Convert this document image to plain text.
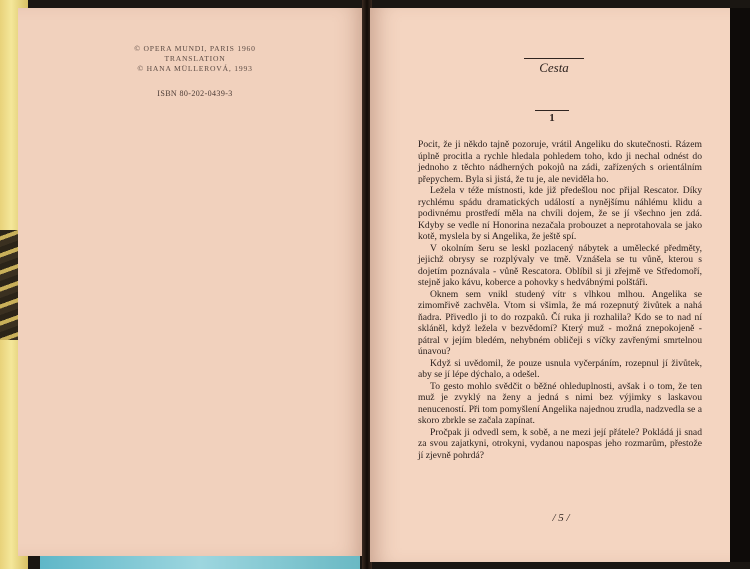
© OPERA MUNDI, PARIS 1960
TRANSLATION
© HANA MÜLLEROVÁ, 1993
ISBN 80-202-0439-3
Cesta
1

Pocit, že ji někdo tajně pozoruje, vrátil Angeliku do skutečnosti. Rázem úplně procitla a rychle hledala pohledem toho, kdo ji nechal odnést do jednoho z těchto nádherných pokojů na zádi, zařízených s orientálním přepychem. Byla si jistá, že tu je, ale neviděla ho.

Ležela v téže místnosti, kde již předešlou noc přijal Rescator. Díky rychlému spádu dramatických událostí a nynějšímu náhlému klidu a podivnému prostředí měla na chvíli dojem, že se jí všechno jen zdá. Kdyby se vedle ní Honorina nezačala probouzet a neprotahovala se jako kotě, myslela by si Angelika, že ještě spí.

V okolním šeru se leskl pozlacený nábytek a umělecké předměty, jejichž obrysy se rozplývaly ve tmě. Vznášela se tu vůně, kterou s dojetím poznávala - vůně Rescatora. Oblíbil si ji zřejmě ve Středomoří, stejně jako kávu, koberce a pohovky s hedvábnými polštáři.

Oknem sem vnikl studený vítr s vlhkou mlhou. Angelika se zimomřivě zachvěla. Vtom si všimla, že má rozepnutý živůtek a nahá ňadra. Přivedlo ji to do rozpaků. Čí ruka ji rozhalila? Kdo se to nad ní skláněl, když ležela v bezvědomí? Který muž - možná znepokojeně - pátral v jejím bledém, nehybném obličeji s víčky zavřenými smrtelnou únavou?

Když si uvědomil, že pouze usnula vyčerpáním, rozepnul jí živůtek, aby se jí lépe dýchalo, a odešel.

To gesto mohlo svědčit o běžné ohleduplnosti, avšak i o tom, že ten muž je zvyklý na ženy a jedná s nimi bez výjimky s laskavou nenuceností. Při tom pomyšlení Angelika najednou zrudla, nadzvedla se a skoro zbrkle se začala zapínat.

Pročpak ji odvedl sem, k sobě, a ne mezi její přátele? Pokládá ji snad za svou zajatkyni, otrokyni, vydanou napospas jeho rozmarům, přestože jí zjevně pohrdá?

/ 5 /
